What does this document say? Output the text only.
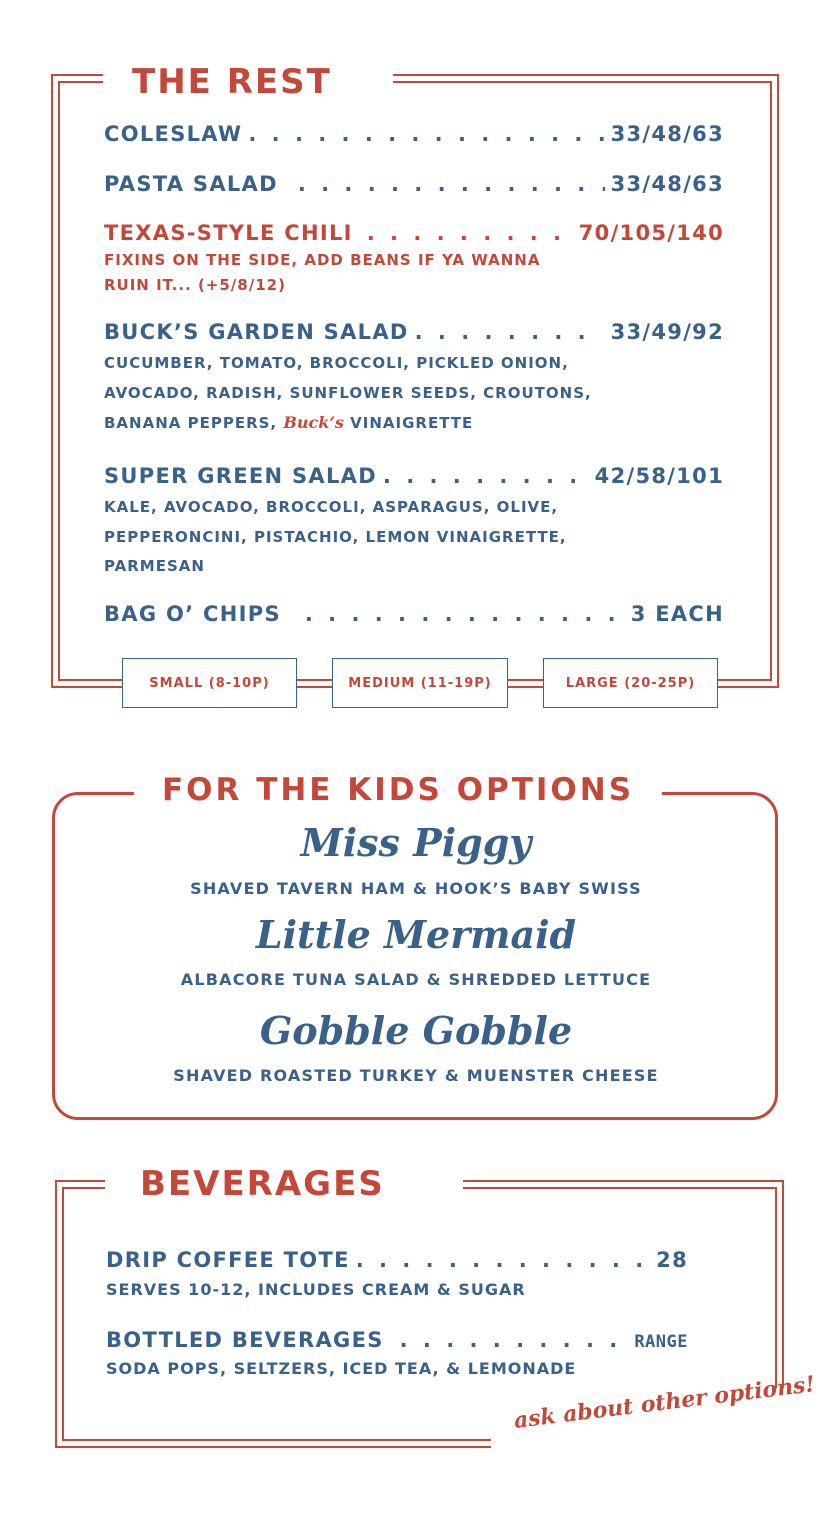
THE REST
COLESLAW . . .	33/48/63
PASTA SALAD . . .	33/48/63
TEXAS-STYLE CHILI . . .	70/105/140
FIXINS ON THE SIDE, ADD BEANS IF YA WANNA
RUIN IT... (+5/8/12)
BUCK’S GARDEN SALAD . . .	33/49/92
CUCUMBER, TOMATO, BROCCOLI, PICKLED ONION,
AVOCADO, RADISH, SUNFLOWER SEEDS, CROUTONS,
BANANA PEPPERS, Buck’s VINAIGRETTE
SUPER GREEN SALAD . . .	42/58/101
KALE, AVOCADO, BROCCOLI, ASPARAGUS, OLIVE,
PEPPERONCINI, PISTACHIO, LEMON VINAIGRETTE,
PARMESAN
BAG O’ CHIPS . . .	3 EACH
SMALL (8-10P)	MEDIUM (11-19P)	LARGE (20-25P)
FOR THE KIDS OPTIONS
Miss Piggy
SHAVED TAVERN HAM & HOOK’S BABY SWISS
Little Mermaid
ALBACORE TUNA SALAD & SHREDDED LETTUCE
Gobble Gobble
SHAVED ROASTED TURKEY & MUENSTER CHEESE
BEVERAGES
DRIP COFFEE TOTE . . .	28
SERVES 10-12, INCLUDES CREAM & SUGAR
BOTTLED BEVERAGES . . .	RANGE
SODA POPS, SELTZERS, ICED TEA, & LEMONADE
ask about other options!
